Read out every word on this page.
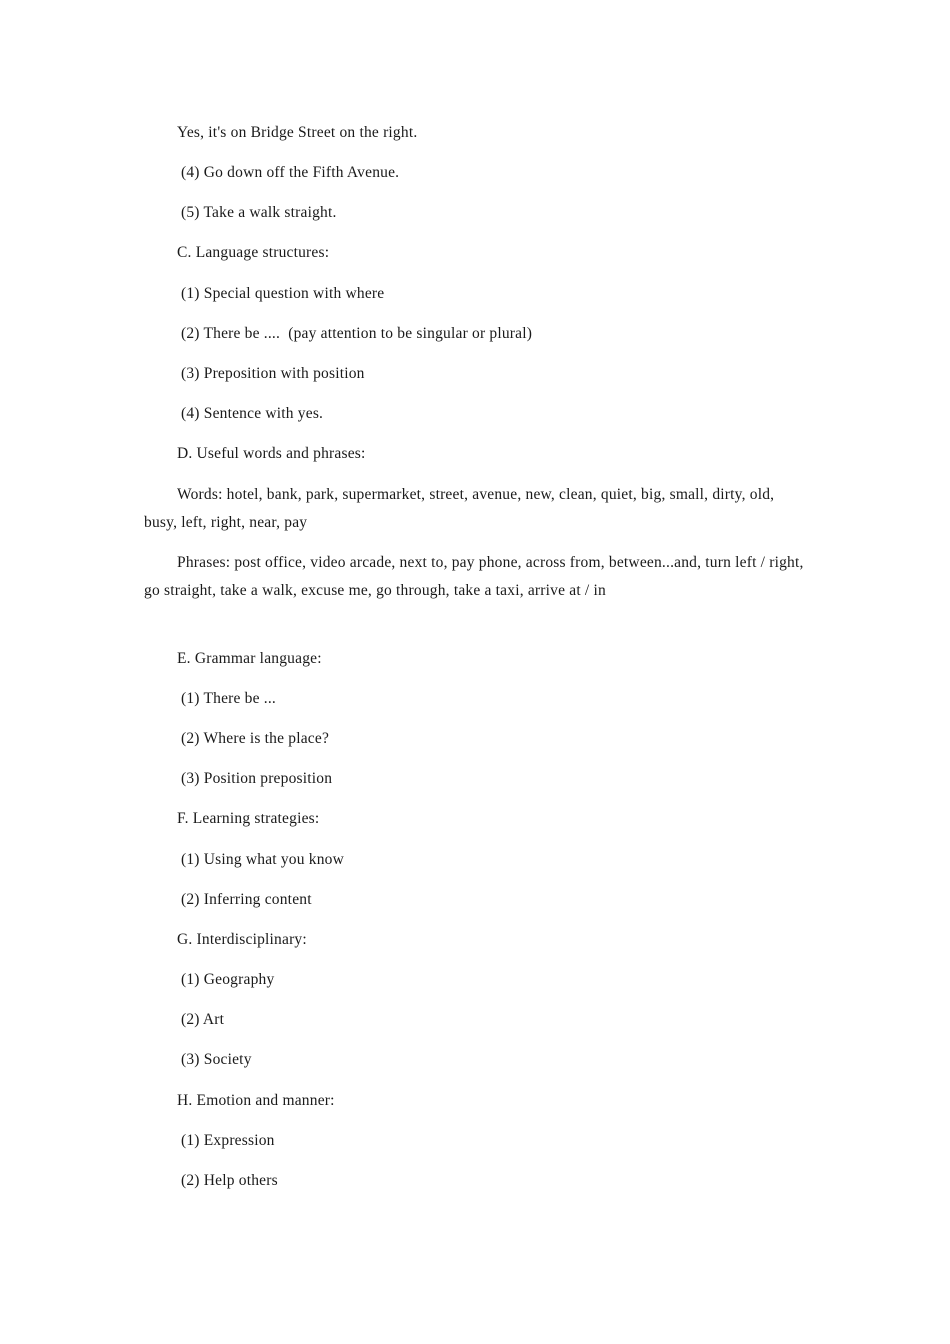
Yes, it's on Bridge Street on the right.
(4) Go down off the Fifth Avenue.
(5) Take a walk straight.
C. Language structures:
(1) Special question with where
(2) There be ....  (pay attention to be singular or plural)
(3) Preposition with position
(4) Sentence with yes.
D. Useful words and phrases:
Words: hotel, bank, park, supermarket, street, avenue, new, clean, quiet, big, small, dirty, old, busy, left, right, near, pay
Phrases: post office, video arcade, next to, pay phone, across from, between...and, turn left / right, go straight, take a walk, excuse me, go through, take a taxi, arrive at / in
E. Grammar language:
(1) There be ...
(2) Where is the place?
(3) Position preposition
F. Learning strategies:
(1) Using what you know
(2) Inferring content
G. Interdisciplinary:
(1) Geography
(2) Art
(3) Society
H. Emotion and manner:
(1) Expression
(2) Help others
